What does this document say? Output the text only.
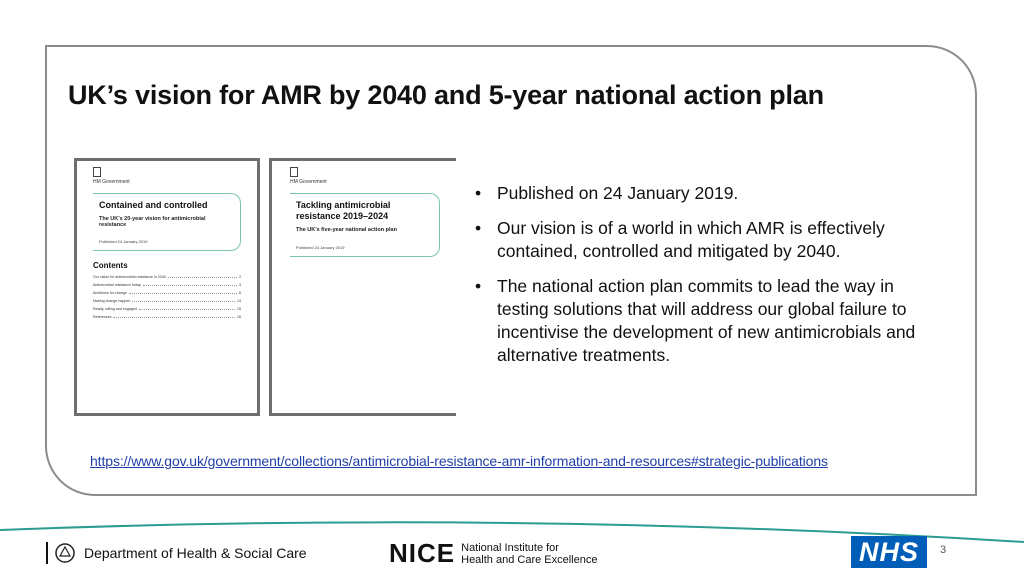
UK’s vision for AMR by 2040 and 5-year national action plan
HM Government
Contained and controlled
The UK’s 20-year vision for antimicrobial resistance
Published 24 January 2019
Contents
Our vision for antimicrobial resistance in 2040	2
Antimicrobial resistance today	3
Ambitions for change	6
Making change happen	14
Ready, willing and engaged	15
References	16
HM Government
Tackling antimicrobial resistance 2019–2024
The UK’s five-year national action plan
Published 24 January 2019
• Published on 24 January 2019.
• Our vision is of a world in which AMR is effectively contained, controlled and mitigated by 2040.
• The national action plan commits to lead the way in testing solutions that will address our global failure to incentivise the development of new antimicrobials and alternative treatments.
https://www.gov.uk/government/collections/antimicrobial-resistance-amr-information-and-resources#strategic-publications
Department of Health & Social Care	NICE National Institute for
Health and Care Excellence	NHS	3
